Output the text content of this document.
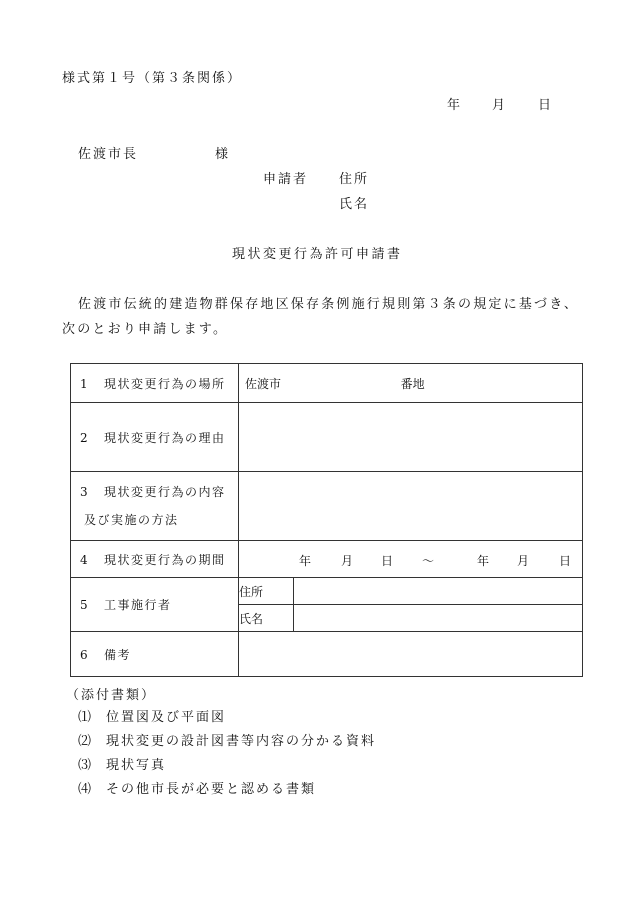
様式第１号（第３条関係）
年 月	日
佐渡市長	様
申請者 住所
氏名
現状変更行為許可申請書
佐渡市伝統的建造物群保存地区保存条例施行規則第３条の規定に基づき、
次のとおり申請します。
1 現状変更行為の場所	佐渡市	番地
2 現状変更行為の理由	

3 現状変更行為の内容
及び実施の方法

4 現状変更行為の期間	年 月 日 ～	年 月 日

5 工事施行者	
住所	
氏名	

6 備考	
（添付書類）
⑴ 位置図及び平面図
⑵ 現状変更の設計図書等内容の分かる資料
⑶ 現状写真
⑷ その他市長が必要と認める書類
